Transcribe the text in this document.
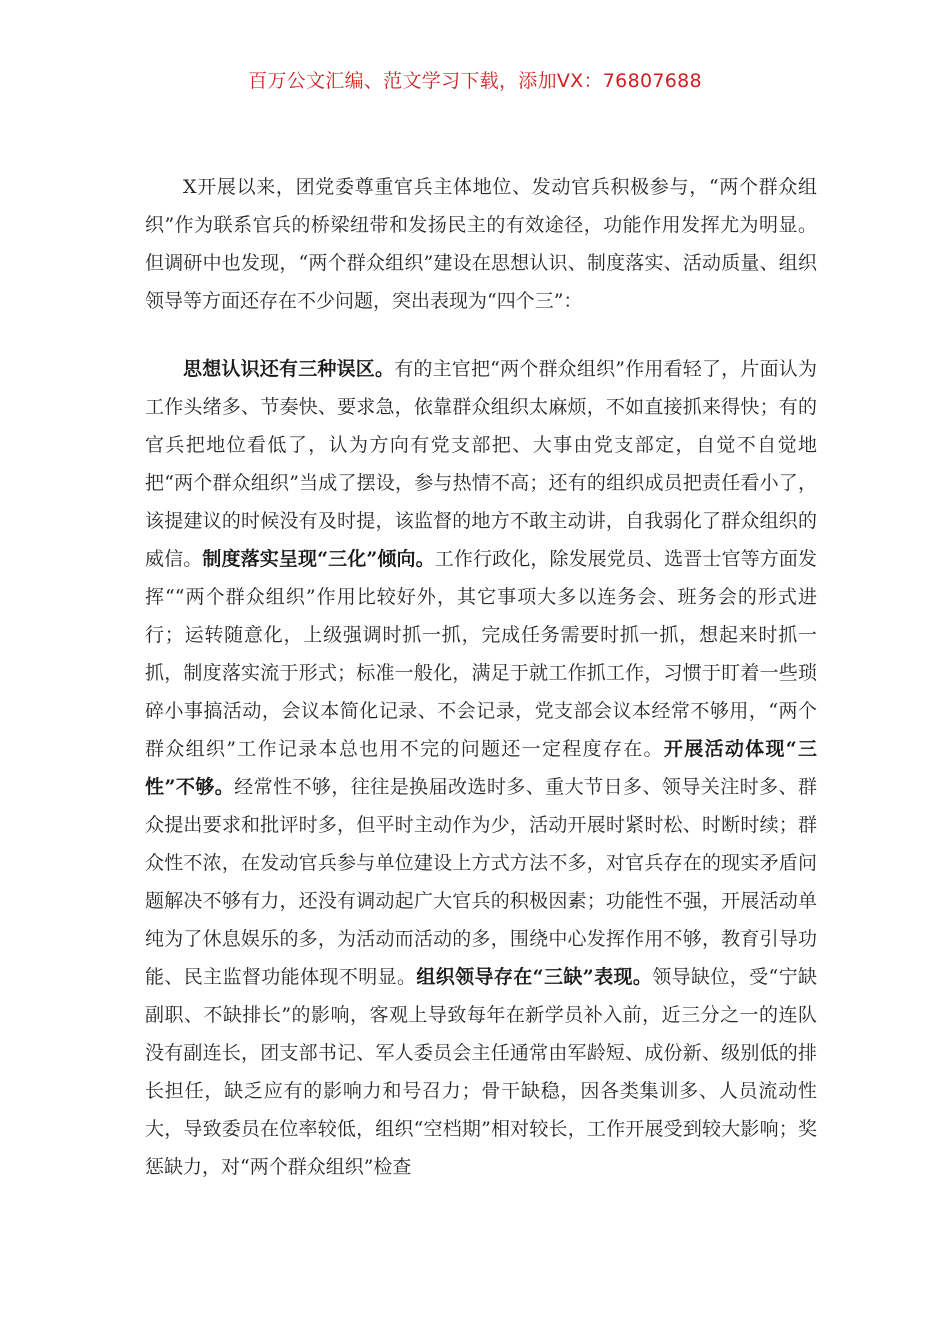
百万公文汇编、范文学习下载，添加VX：76807688

X开展以来，团党委尊重官兵主体地位、发动官兵积极参与，“两个群众组织”作为联系官兵的桥梁纽带和发扬民主的有效途径，功能作用发挥尤为明显。但调研中也发现，“两个群众组织”建设在思想认识、制度落实、活动质量、组织领导等方面还存在不少问题，突出表现为“四个三”：

思想认识还有三种误区。有的主官把“两个群众组织”作用看轻了，片面认为工作头绪多、节奏快、要求急，依靠群众组织太麻烦，不如直接抓来得快；有的官兵把地位看低了，认为方向有党支部把、大事由党支部定，自觉不自觉地把“两个群众组织”当成了摆设，参与热情不高；还有的组织成员把责任看小了，该提建议的时候没有及时提，该监督的地方不敢主动讲，自我弱化了群众组织的威信。制度落实呈现“三化”倾向。工作行政化，除发展党员、选晋士官等方面发挥““两个群众组织”作用比较好外，其它事项大多以连务会、班务会的形式进行；运转随意化，上级强调时抓一抓，完成任务需要时抓一抓，想起来时抓一抓，制度落实流于形式；标准一般化，满足于就工作抓工作，习惯于盯着一些琐碎小事搞活动，会议本简化记录、不会记录，党支部会议本经常不够用，“两个群众组织”工作记录本总也用不完的问题还一定程度存在。开展活动体现“三性”不够。经常性不够，往往是换届改选时多、重大节日多、领导关注时多、群众提出要求和批评时多，但平时主动作为少，活动开展时紧时松、时断时续；群众性不浓，在发动官兵参与单位建设上方式方法不多，对官兵存在的现实矛盾问题解决不够有力，还没有调动起广大官兵的积极因素；功能性不强，开展活动单纯为了休息娱乐的多，为活动而活动的多，围绕中心发挥作用不够，教育引导功能、民主监督功能体现不明显。组织领导存在“三缺”表现。领导缺位，受“宁缺副职、不缺排长”的影响，客观上导致每年在新学员补入前，近三分之一的连队没有副连长，团支部书记、军人委员会主任通常由军龄短、成份新、级别低的排长担任，缺乏应有的影响力和号召力；骨干缺稳，因各类集训多、人员流动性大，导致委员在位率较低，组织“空档期”相对较长，工作开展受到较大影响；奖惩缺力，对“两个群众组织”检查
